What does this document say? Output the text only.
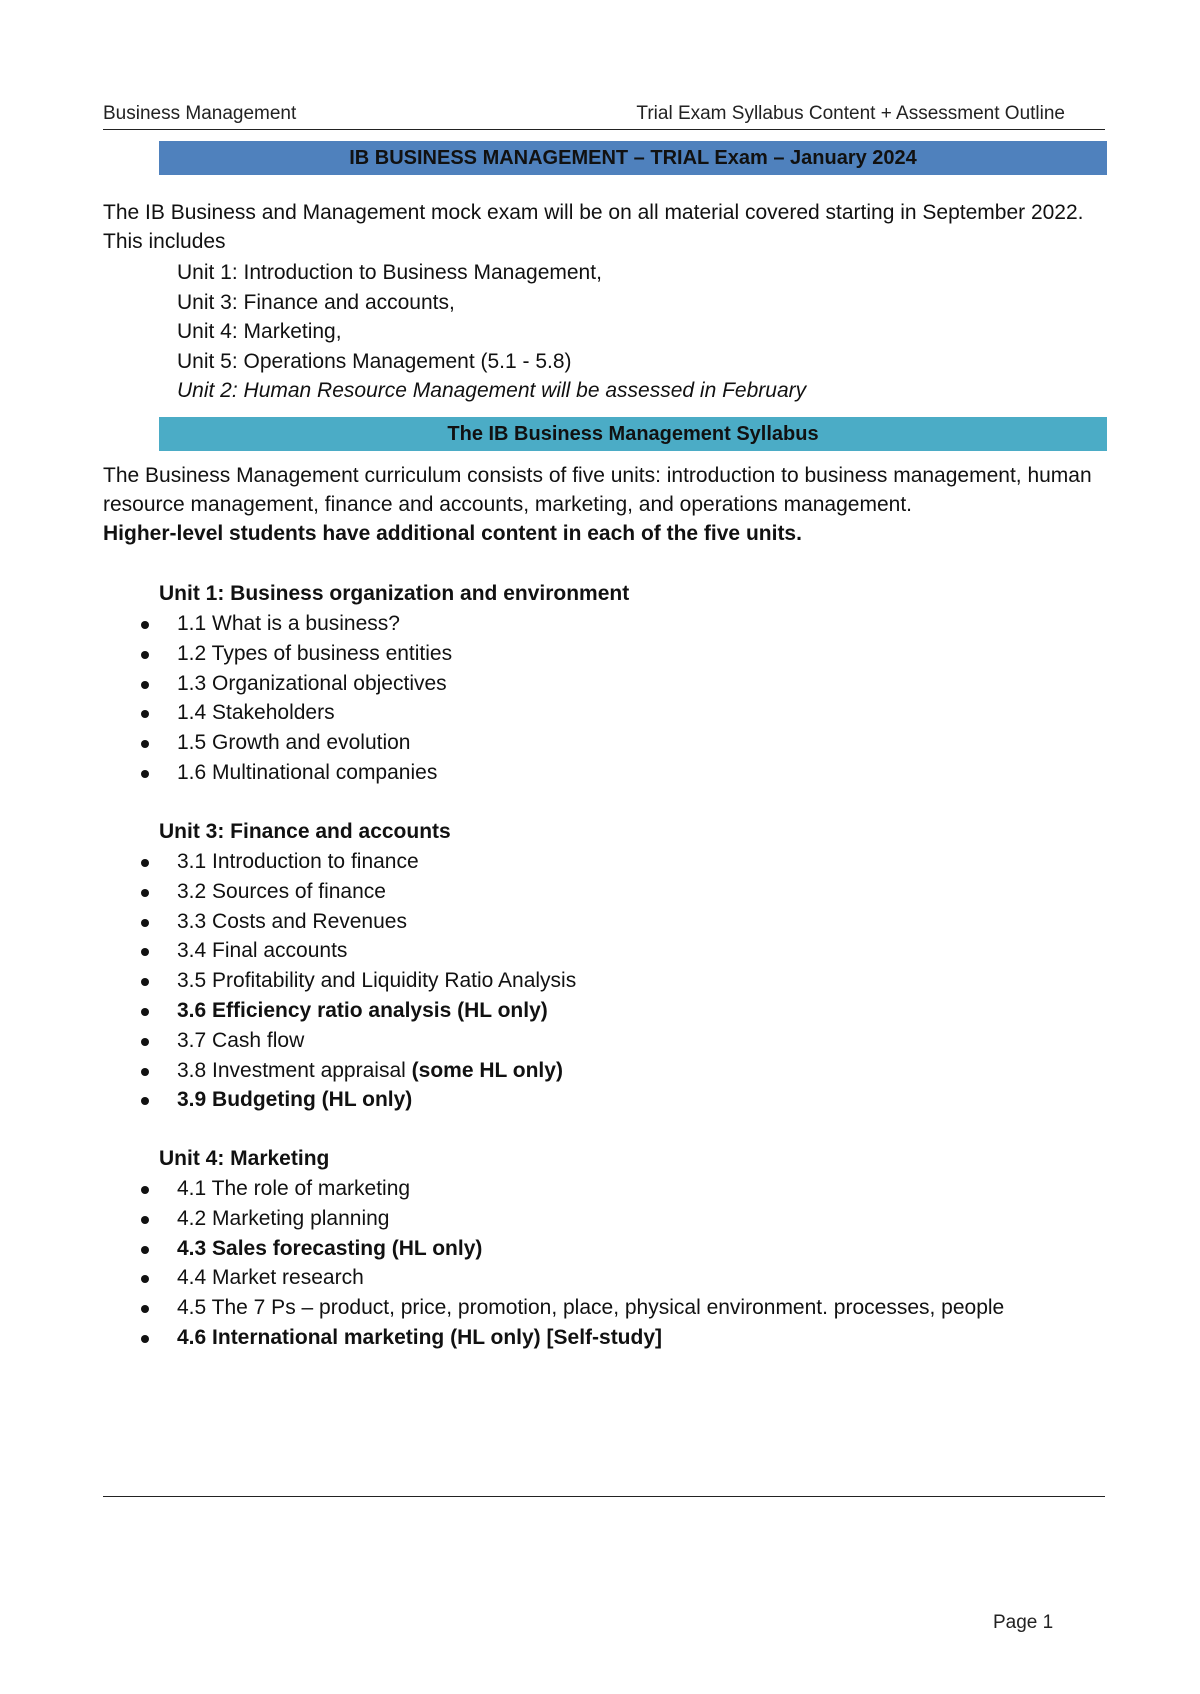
Business Management	Trial Exam Syllabus Content + Assessment Outline
IB BUSINESS MANAGEMENT – TRIAL Exam – January 2024
The IB Business and Management mock exam will be on all material covered starting in September 2022. This includes
Unit 1: Introduction to Business Management,
Unit 3: Finance and accounts,
Unit 4: Marketing,
Unit 5: Operations Management (5.1 - 5.8)
Unit 2: Human Resource Management will be assessed in February
The IB Business Management Syllabus
The Business Management curriculum consists of five units: introduction to business management, human resource management, finance and accounts, marketing, and operations management.
Higher-level students have additional content in each of the five units.
Unit 1: Business organization and environment
1.1 What is a business?
1.2 Types of business entities
1.3 Organizational objectives
1.4 Stakeholders
1.5 Growth and evolution
1.6 Multinational companies
Unit 3: Finance and accounts
3.1 Introduction to finance
3.2 Sources of finance
3.3 Costs and Revenues
3.4 Final accounts
3.5 Profitability and Liquidity Ratio Analysis
3.6 Efficiency ratio analysis (HL only)
3.7 Cash flow
3.8 Investment appraisal (some HL only)
3.9 Budgeting (HL only)
Unit 4: Marketing
4.1 The role of marketing
4.2 Marketing planning
4.3 Sales forecasting (HL only)
4.4 Market research
4.5 The 7 Ps – product, price, promotion, place, physical environment. processes, people
4.6 International marketing (HL only) [Self-study]
Page 1
